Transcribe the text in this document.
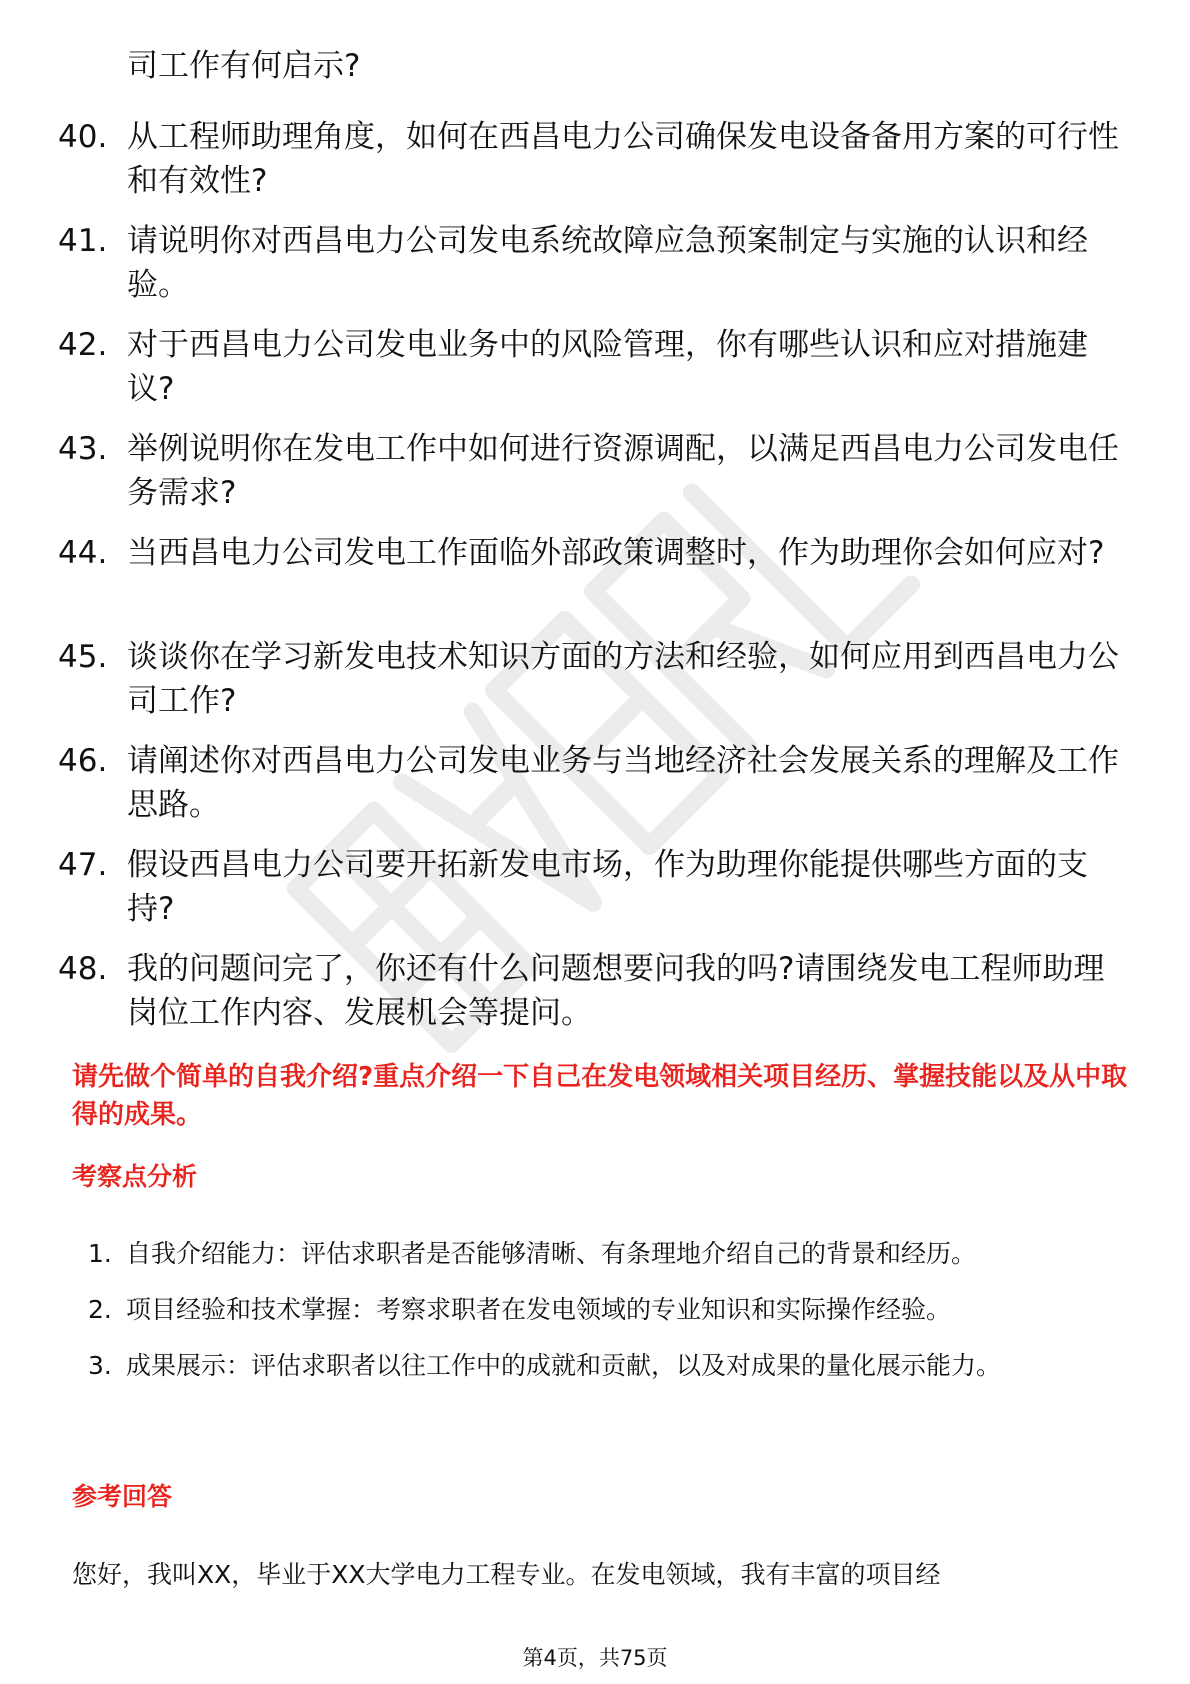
司工作有何启示?

40. 从工程师助理角度，如何在西昌电力公司确保发电设备备用方案的可行性和有效性?
41. 请说明你对西昌电力公司发电系统故障应急预案制定与实施的认识和经验。
42. 对于西昌电力公司发电业务中的风险管理，你有哪些认识和应对措施建议?
43. 举例说明你在发电工作中如何进行资源调配，以满足西昌电力公司发电任务需求?
44. 当西昌电力公司发电工作面临外部政策调整时，作为助理你会如何应对?
45. 谈谈你在学习新发电技术知识方面的方法和经验，如何应用到西昌电力公司工作?
46. 请阐述你对西昌电力公司发电业务与当地经济社会发展关系的理解及工作思路。
47. 假设西昌电力公司要开拓新发电市场，作为助理你能提供哪些方面的支持?
48. 我的问题问完了，你还有什么问题想要问我的吗?请围绕发电工程师助理岗位工作内容、发展机会等提问。

请先做个简单的自我介绍?重点介绍一下自己在发电领域相关项目经历、掌握技能以及从中取得的成果。

考察点分析
1. 自我介绍能力：评估求职者是否能够清晰、有条理地介绍自己的背景和经历。
2. 项目经验和技术掌握：考察求职者在发电领域的专业知识和实际操作经验。
3. 成果展示：评估求职者以往工作中的成就和贡献，以及对成果的量化展示能力。
参考回答

您好，我叫XX，毕业于XX大学电力工程专业。在发电领域，我有丰富的项目经

第4页，共75页
